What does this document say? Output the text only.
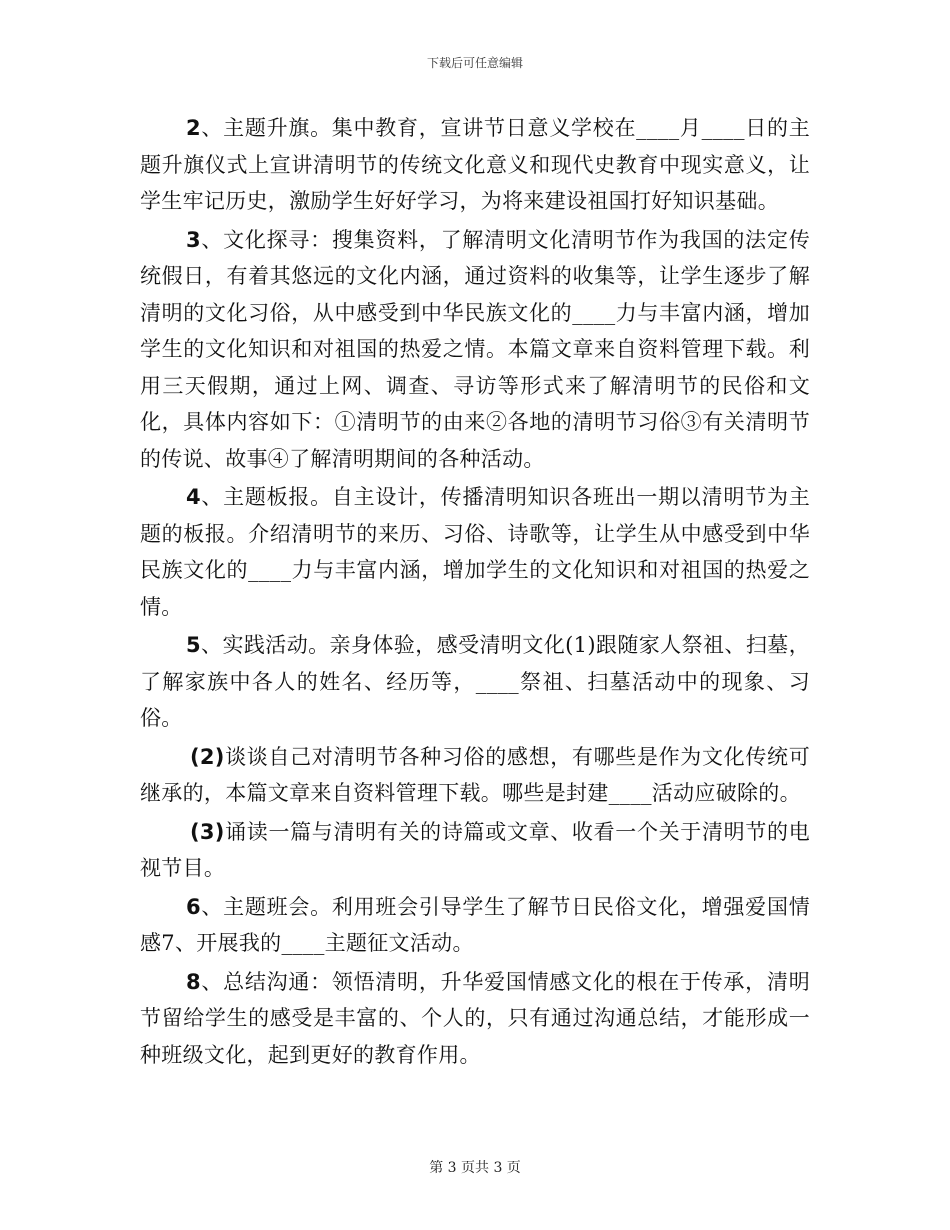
下载后可任意编辑

2、主题升旗。集中教育，宣讲节日意义学校在____月____日的主题升旗仪式上宣讲清明节的传统文化意义和现代史教育中现实意义，让学生牢记历史，激励学生好好学习，为将来建设祖国打好知识基础。

3、文化探寻：搜集资料，了解清明文化清明节作为我国的法定传统假日，有着其悠远的文化内涵，通过资料的收集等，让学生逐步了解清明的文化习俗，从中感受到中华民族文化的____力与丰富内涵，增加学生的文化知识和对祖国的热爱之情。本篇文章来自资料管理下载。利用三天假期，通过上网、调查、寻访等形式来了解清明节的民俗和文化，具体内容如下：①清明节的由来②各地的清明节习俗③有关清明节的传说、故事④了解清明期间的各种活动。

4、主题板报。自主设计，传播清明知识各班出一期以清明节为主题的板报。介绍清明节的来历、习俗、诗歌等，让学生从中感受到中华民族文化的____力与丰富内涵，增加学生的文化知识和对祖国的热爱之情。

5、实践活动。亲身体验，感受清明文化(1)跟随家人祭祖、扫墓，了解家族中各人的姓名、经历等，____祭祖、扫墓活动中的现象、习俗。

(2)谈谈自己对清明节各种习俗的感想，有哪些是作为文化传统可继承的，本篇文章来自资料管理下载。哪些是封建____活动应破除的。

(3)诵读一篇与清明有关的诗篇或文章、收看一个关于清明节的电视节目。

6、主题班会。利用班会引导学生了解节日民俗文化，增强爱国情感7、开展我的____主题征文活动。

8、总结沟通：领悟清明，升华爱国情感文化的根在于传承，清明节留给学生的感受是丰富的、个人的，只有通过沟通总结，才能形成一种班级文化，起到更好的教育作用。

第 3 页共 3 页
